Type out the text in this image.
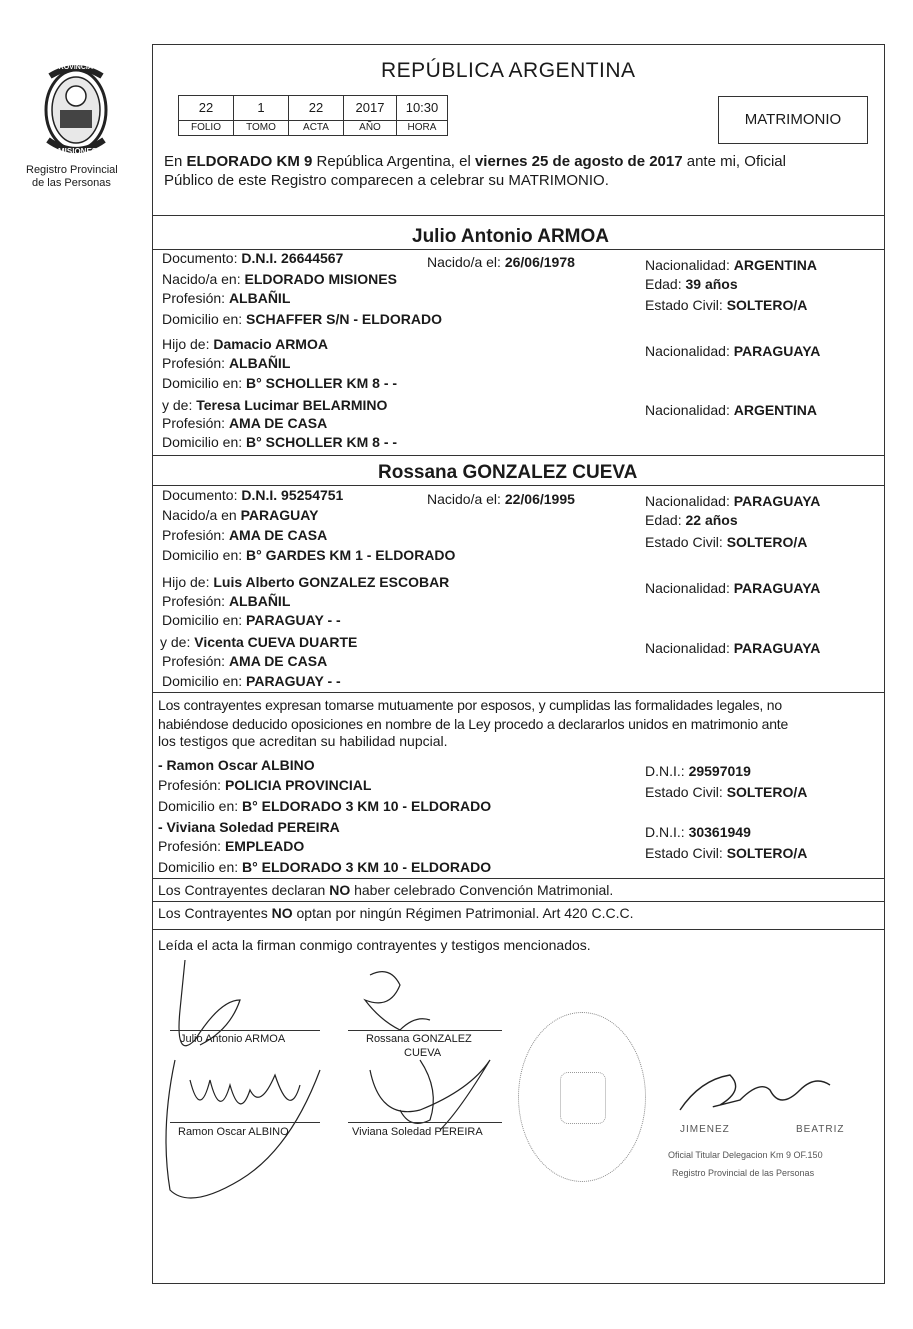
PROVINCIA DE
MISIONES
Registro Provincial
de las Personas
REPÚBLICA ARGENTINA
22	1	22	2017	10:30
FOLIO	TOMO	ACTA	AÑO	HORA	MATRIMONIO
En ELDORADO KM 9 República Argentina, el viernes 25 de agosto de 2017 ante mi, Oficial
Público de este Registro comparecen a celebrar su MATRIMONIO.
Julio Antonio ARMOA
Documento: D.N.I. 26644567	Nacido/a el: 26/06/1978	Nacionalidad: ARGENTINA
Nacido/a en: ELDORADO MISIONES	Edad: 39 años
Profesión: ALBAÑIL	Estado Civil: SOLTERO/A
Domicilio en: SCHAFFER S/N - ELDORADO
Hijo de: Damacio ARMOA	Nacionalidad: PARAGUAYA
Profesión: ALBAÑIL
Domicilio en: B° SCHOLLER KM 8 - -
y de: Teresa Lucimar BELARMINO	Nacionalidad: ARGENTINA
Profesión: AMA DE CASA
Domicilio en: B° SCHOLLER KM 8 - -
Rossana GONZALEZ CUEVA
Documento: D.N.I. 95254751	Nacido/a el: 22/06/1995	Nacionalidad: PARAGUAYA
Nacido/a en PARAGUAY	Edad: 22 años
Profesión: AMA DE CASA	Estado Civil: SOLTERO/A
Domicilio en: B° GARDES KM 1 - ELDORADO
Hijo de: Luis Alberto GONZALEZ ESCOBAR	Nacionalidad: PARAGUAYA
Profesión: ALBAÑIL
Domicilio en: PARAGUAY - -
y de: Vicenta CUEVA DUARTE	Nacionalidad: PARAGUAYA
Profesión: AMA DE CASA
Domicilio en: PARAGUAY - -
Los contrayentes expresan tomarse mutuamente por esposos, y cumplidas las formalidades legales, no
habiéndose deducido oposiciones en nombre de la Ley procedo a declararlos unidos en matrimonio ante
los testigos que acreditan su habilidad nupcial.
- Ramon Oscar ALBINO	D.N.I.: 29597019
Profesión: POLICIA PROVINCIAL	Estado Civil: SOLTERO/A
Domicilio en: B° ELDORADO 3 KM 10 - ELDORADO
- Viviana Soledad PEREIRA	D.N.I.: 30361949
Profesión: EMPLEADO	Estado Civil: SOLTERO/A
Domicilio en: B° ELDORADO 3 KM 10 - ELDORADO
Los Contrayentes declaran NO haber celebrado Convención Matrimonial.
Los Contrayentes NO optan por ningún Régimen Patrimonial. Art 420 C.C.C.
Leída el acta la firman conmigo contrayentes y testigos mencionados.
Julio Antonio ARMOA	Rossana GONZALEZ
CUEVA
Ramon Oscar ALBINO	Viviana Soledad PEREIRA	JIMENEZ	BEATRIZ
Oficial Titular Delegacion Km 9 OF.150
Registro Provincial de las Personas
